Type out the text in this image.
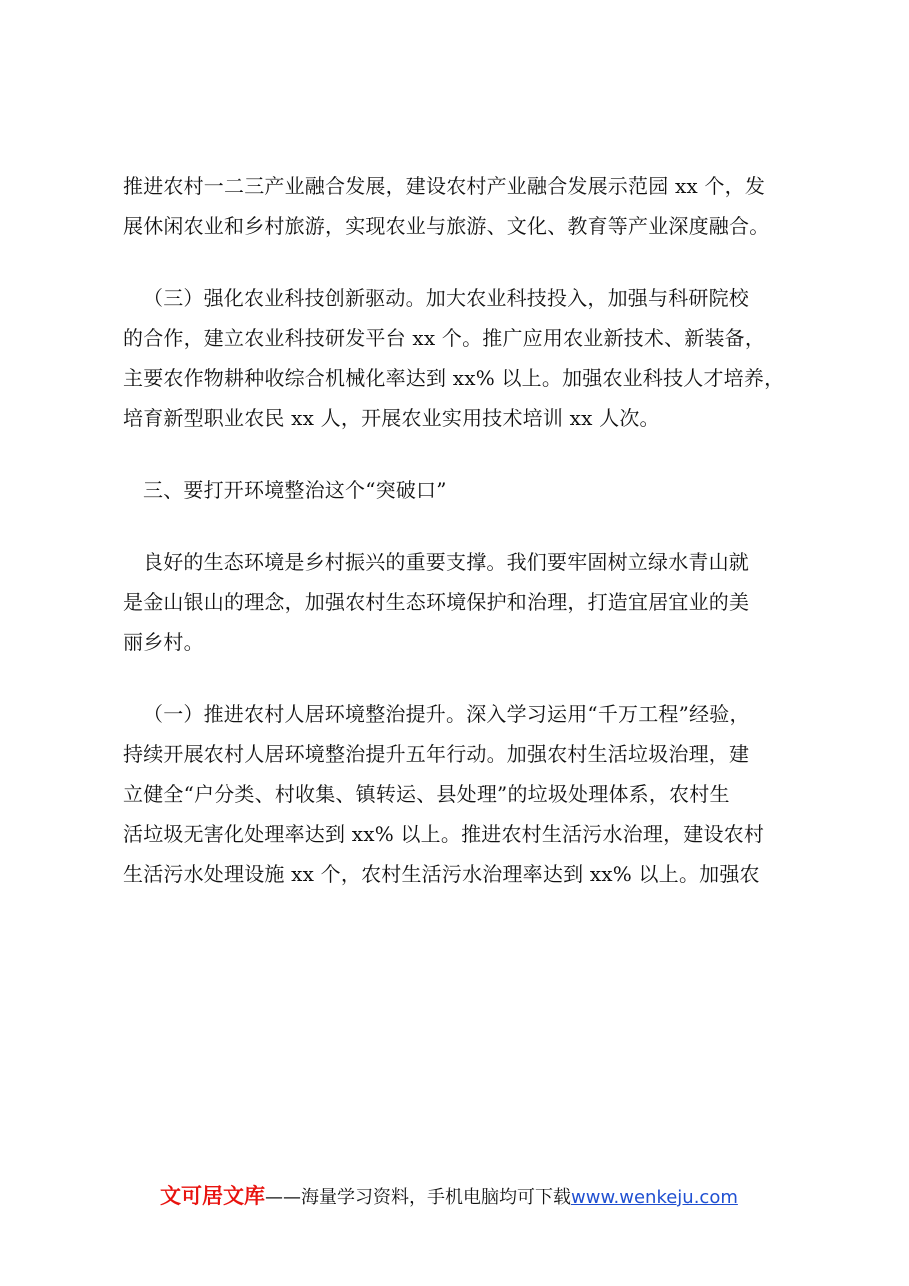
推进农村一二三产业融合发展，建设农村产业融合发展示范园 xx 个，发
展休闲农业和乡村旅游，实现农业与旅游、文化、教育等产业深度融合。
（三）强化农业科技创新驱动。加大农业科技投入，加强与科研院校
的合作，建立农业科技研发平台 xx 个。推广应用农业新技术、新装备，
主要农作物耕种收综合机械化率达到 xx% 以上。加强农业科技人才培养，
培育新型职业农民 xx 人，开展农业实用技术培训 xx 人次。
三、要打开环境整治这个“突破口”
良好的生态环境是乡村振兴的重要支撑。我们要牢固树立绿水青山就
是金山银山的理念，加强农村生态环境保护和治理，打造宜居宜业的美
丽乡村。
（一）推进农村人居环境整治提升。深入学习运用“千万工程”经验，
持续开展农村人居环境整治提升五年行动。加强农村生活垃圾治理，建
立健全“户分类、村收集、镇转运、县处理”的垃圾处理体系，农村生
活垃圾无害化处理率达到 xx% 以上。推进农村生活污水治理，建设农村
生活污水处理设施 xx 个，农村生活污水治理率达到 xx% 以上。加强农
文可居文库——海量学习资料，手机电脑均可下载www.wenkeju.com
